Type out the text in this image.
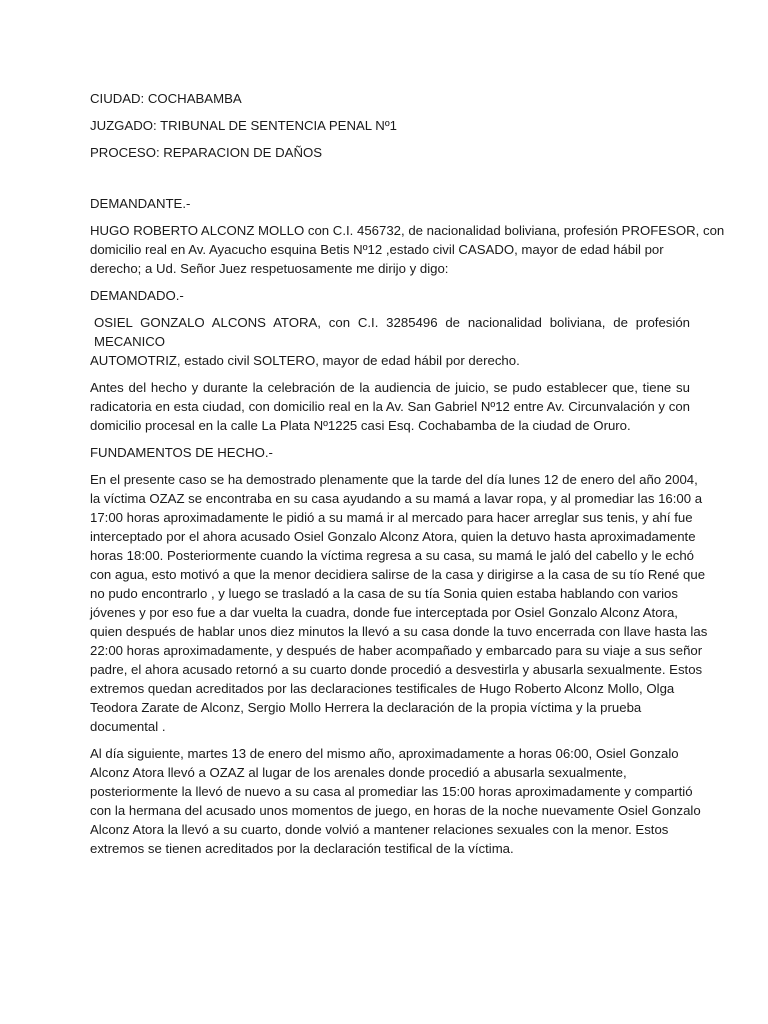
CIUDAD: COCHABAMBA

JUZGADO: TRIBUNAL DE SENTENCIA PENAL Nº1

PROCESO: REPARACION DE DAÑOS

DEMANDANTE.-

HUGO ROBERTO ALCONZ MOLLO con C.I. 456732, de nacionalidad boliviana, profesión PROFESOR, con

domicilio real en Av. Ayacucho esquina Betis Nº12 ,estado civil CASADO, mayor de edad hábil por

derecho; a Ud. Señor Juez respetuosamente me dirijo y digo:

DEMANDADO.-

OSIEL GONZALO ALCONS ATORA, con C.I. 3285496 de nacionalidad boliviana, de profesión MECANICO

AUTOMOTRIZ, estado civil SOLTERO, mayor de edad hábil por derecho.

Antes del hecho y durante la celebración de la audiencia de juicio, se pudo establecer que, tiene su

radicatoria en esta ciudad, con domicilio real en la Av. San Gabriel Nº12 entre Av. Circunvalación y con

domicilio procesal en la calle La Plata Nº1225 casi Esq. Cochabamba de la ciudad de Oruro.

FUNDAMENTOS DE HECHO.-

En el presente caso se ha demostrado plenamente que la tarde del día lunes 12 de enero del año 2004,

la víctima OZAZ se encontraba en su casa ayudando a su mamá a lavar ropa, y al promediar las 16:00 a

17:00 horas aproximadamente le pidió a su mamá ir al mercado para hacer arreglar sus tenis, y ahí fue

interceptado por el ahora acusado Osiel Gonzalo Alconz Atora, quien la detuvo hasta aproximadamente

horas 18:00. Posteriormente cuando la víctima regresa a su casa, su mamá le jaló del cabello y le echó

con agua, esto motivó a que la menor decidiera salirse de la casa y dirigirse a la casa de su tío René que

no pudo encontrarlo , y luego se trasladó a la casa de su tía Sonia quien estaba hablando con varios

jóvenes y por eso fue a dar vuelta la cuadra, donde fue interceptada por Osiel Gonzalo Alconz Atora,

quien después de hablar unos diez minutos la llevó a su casa donde la tuvo encerrada con llave hasta las

22:00 horas aproximadamente, y después de haber acompañado y embarcado para su viaje a sus señor

padre, el ahora acusado retornó a su cuarto donde procedió a desvestirla y abusarla sexualmente. Estos

extremos quedan acreditados por las declaraciones testificales de Hugo Roberto Alconz Mollo, Olga

Teodora Zarate de Alconz, Sergio Mollo Herrera la declaración de la propia víctima y la prueba

documental .

Al día siguiente, martes 13 de enero del mismo año, aproximadamente a horas 06:00, Osiel Gonzalo

Alconz Atora llevó a OZAZ al lugar de los arenales donde procedió a abusarla sexualmente,

posteriormente la llevó de nuevo a su casa al promediar las 15:00 horas aproximadamente y compartió

con la hermana del acusado unos momentos de juego, en horas de la noche nuevamente Osiel Gonzalo

Alconz Atora la llevó a su cuarto, donde volvió a mantener relaciones sexuales con la menor. Estos

extremos se tienen acreditados por la declaración testifical de la víctima.
